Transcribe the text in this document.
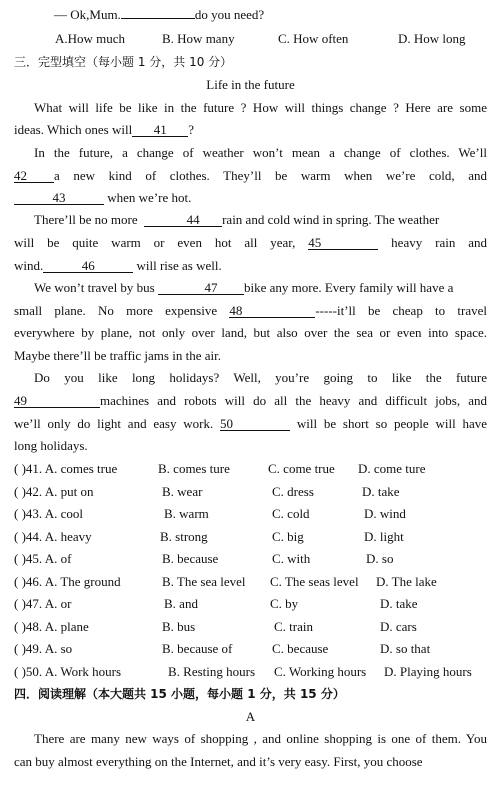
— Ok,Mum.	do you need?
A.How much	B. How many	C. How often	D. How long
三．完型填空（每小题 1 分，共 10 分）
Life in the future
What will life be like in the future ? How will things change ? Here are some
ideas. Which ones will 41 ?
In the future, a change of weather won’t mean a change of clothes. We’ll
42 a new kind of clothes. They’ll be warm when we’re cold, and
43	when we’re hot.
There’ll be no more	44 rain and cold wind in spring. The weather
will be quite warm or even hot all year, 45	heavy rain and
wind.	46	will rise as well.
We won’t travel by bus	47 bike any more. Every family will have a
small plane. No more expensive 48	-----it’ll be cheap to travel
everywhere by plane, not only over land, but also over the sea or even into space.
Maybe there’ll be traffic jams in the air.
Do you like long holidays? Well, you’re going to like the future
49	machines and robots will do all the heavy and difficult jobs, and
we’ll only do light and easy work. 50	will be short so people will have
long holidays.
( )41. A. comes true	B. comes ture	C. come true D. come ture
( )42. A. put on	B. wear	C. dress	D. take
( )43. A. cool	B. warm	C. cold	D. wind
( )44. A. heavy	B. strong	C. big	D. light
( )45. A. of	B. because	C. with	D. so
( )46. A. The ground	B. The sea level C. The seas level D. The lake
( )47. A. or	B. and	C. by	D. take
( )48. A. plane	B. bus	C. train	D. cars
( )49. A. so	B. because of	C. because	D. so that
( )50. A. Work hours	B. Resting hours C. Working hours D. Playing hours
四．阅读理解（本大题共 15 小题，每小题 1 分，共 15 分）
A
There are many new ways of shopping , and online shopping is one of them. You
can buy almost everything on the Internet, and it’s very easy. First, you choose
